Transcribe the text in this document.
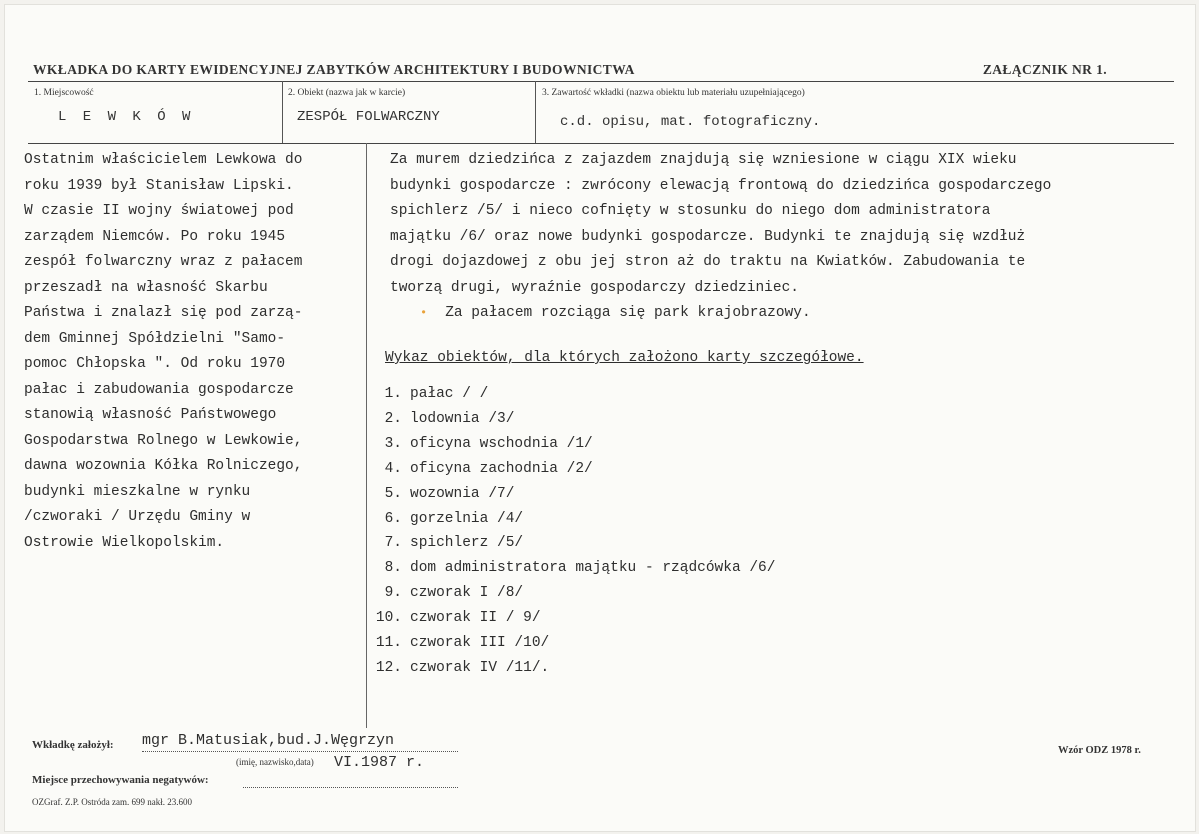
WKŁADKA DO KARTY EWIDENCYJNEJ ZABYTKÓW ARCHITEKTURY I BUDOWNICTWA	ZAŁĄCZNIK NR 1.
1. Miejscowość
L E W K Ó W
2. Obiekt (nazwa jak w karcie)
ZESPÓŁ FOLWARCZNY
3. Zawartość wkładki (nazwa obiektu lub materiału uzupełniającego)
c.d. opisu, mat. fotograficzny.
Ostatnim właścicielem Lewkowa do
roku 1939 był Stanisław Lipski.
W czasie II wojny światowej pod
zarządem Niemców. Po roku 1945
zespół folwarczny wraz z pałacem
przeszadł na własność Skarbu
Państwa i znalazł się pod zarzą-
dem Gminnej Spółdzielni "Samo-
pomoc Chłopska ". Od roku 1970
pałac i zabudowania gospodarcze
stanowią własność Państwowego
Gospodarstwa Rolnego w Lewkowie,
dawna wozownia Kółka Rolniczego,
budynki mieszkalne w rynku
/czworaki / Urzędu Gminy w
Ostrowie Wielkopolskim.
Za murem dziedzińca z zajazdem znajdują się wzniesione w ciągu XIX wieku
budynki gospodarcze : zwrócony elewacją frontową do dziedzińca gospodarczego
spichlerz /5/ i nieco cofnięty w stosunku do niego dom administratora
majątku /6/ oraz nowe budynki gospodarcze. Budynki te znajdują się wzdłuż
drogi dojazdowej z obu jej stron aż do traktu na Kwiatków. Zabudowania te
tworzą drugi, wyraźnie gospodarczy dziedziniec.
• Za pałacem rozciąga się park krajobrazowy.
Wykaz obiektów, dla których założono karty szczegółowe.
1. pałac / /
2. lodownia /3/
3. oficyna wschodnia /1/
4. oficyna zachodnia /2/
5. wozownia /7/
6. gorzelnia /4/
7. spichlerz /5/
8. dom administratora majątku - rządcówka /6/
9. czworak I /8/
10. czworak II / 9/
11. czworak III /10/
12. czworak IV /11/.
Wkładkę założył: mgr B.Matusiak,bud.J.Węgrzyn
(imię, nazwisko,data) VI.1987 r.
Miejsce przechowywania negatywów:
OZGraf. Z.P. Ostróda zam. 699 nakł. 23.600
Wzór ODZ 1978 r.
